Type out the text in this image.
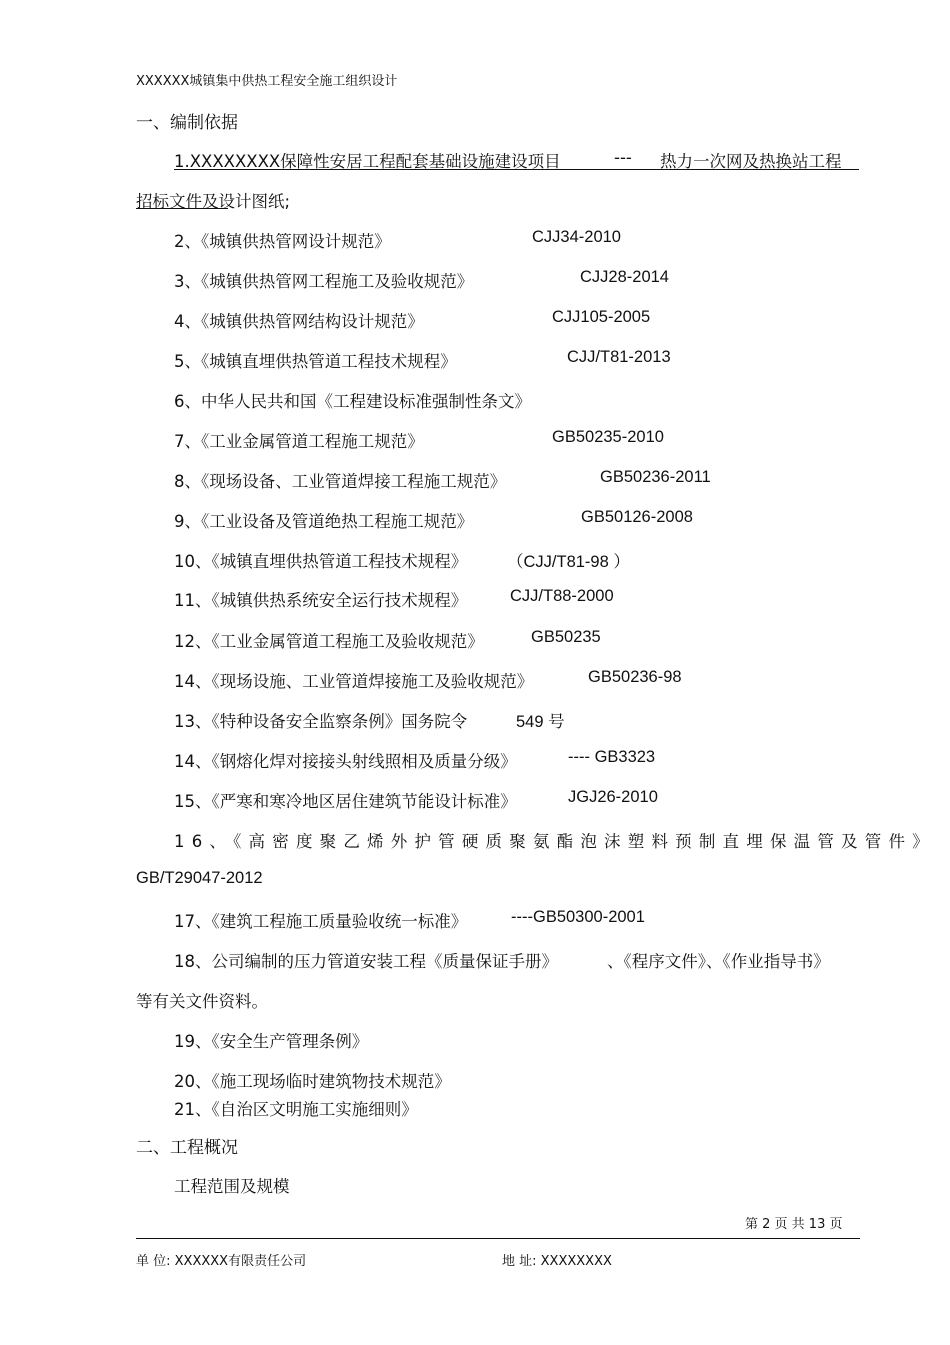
XXXXXX城镇集中供热工程安全施工组织设计
一、编制依据
1.XXXXXXXX保障性安居工程配套基础设施建设项目	--- 热力一次网及热换站工程
招标文件及设计图纸;
2、《城镇供热管网设计规范》	CJJ34-2010
3、《城镇供热管网工程施工及验收规范》	CJJ28-2014
4、《城镇供热管网结构设计规范》	CJJ105-2005
5、《城镇直埋供热管道工程技术规程》	CJJ/T81-2013
6、中华人民共和国《工程建设标准强制性条文》
7、《工业金属管道工程施工规范》	GB50235-2010
8、《现场设备、工业管道焊接工程施工规范》	GB50236-2011
9、《工业设备及管道绝热工程施工规范》	GB50126-2008
10、《城镇直埋供热管道工程技术规程》 （CJJ/T81-98 ）
11、《城镇供热系统安全运行技术规程》	CJJ/T88-2000
12、《工业金属管道工程施工及验收规范》	GB50235
14、《现场设施、工业管道焊接施工及验收规范》	GB50236-98
13、《特种设备安全监察条例》国务院令	549 号
14、《钢熔化焊对接接头射线照相及质量分级》	---- GB3323
15、《严寒和寒冷地区居住建筑节能设计标准》	JGJ26-2010
16、《高密度聚乙烯外护管硬质聚氨酯泡沫塑料预制直埋保温管及管件》
GB/T29047-2012
17、《建筑工程施工质量验收统一标准》	----GB50300-2001
18、公司编制的压力管道安装工程《质量保证手册》	、《程序文件》、《作业指导书》
等有关文件资料。
19、《安全生产管理条例》
20、《施工现场临时建筑物技术规范》
21、《自治区文明施工实施细则》
二、工程概况
工程范围及规模
第 2 页 共 13 页
单 位: XXXXXX有限责任公司	地 址: XXXXXXXX
